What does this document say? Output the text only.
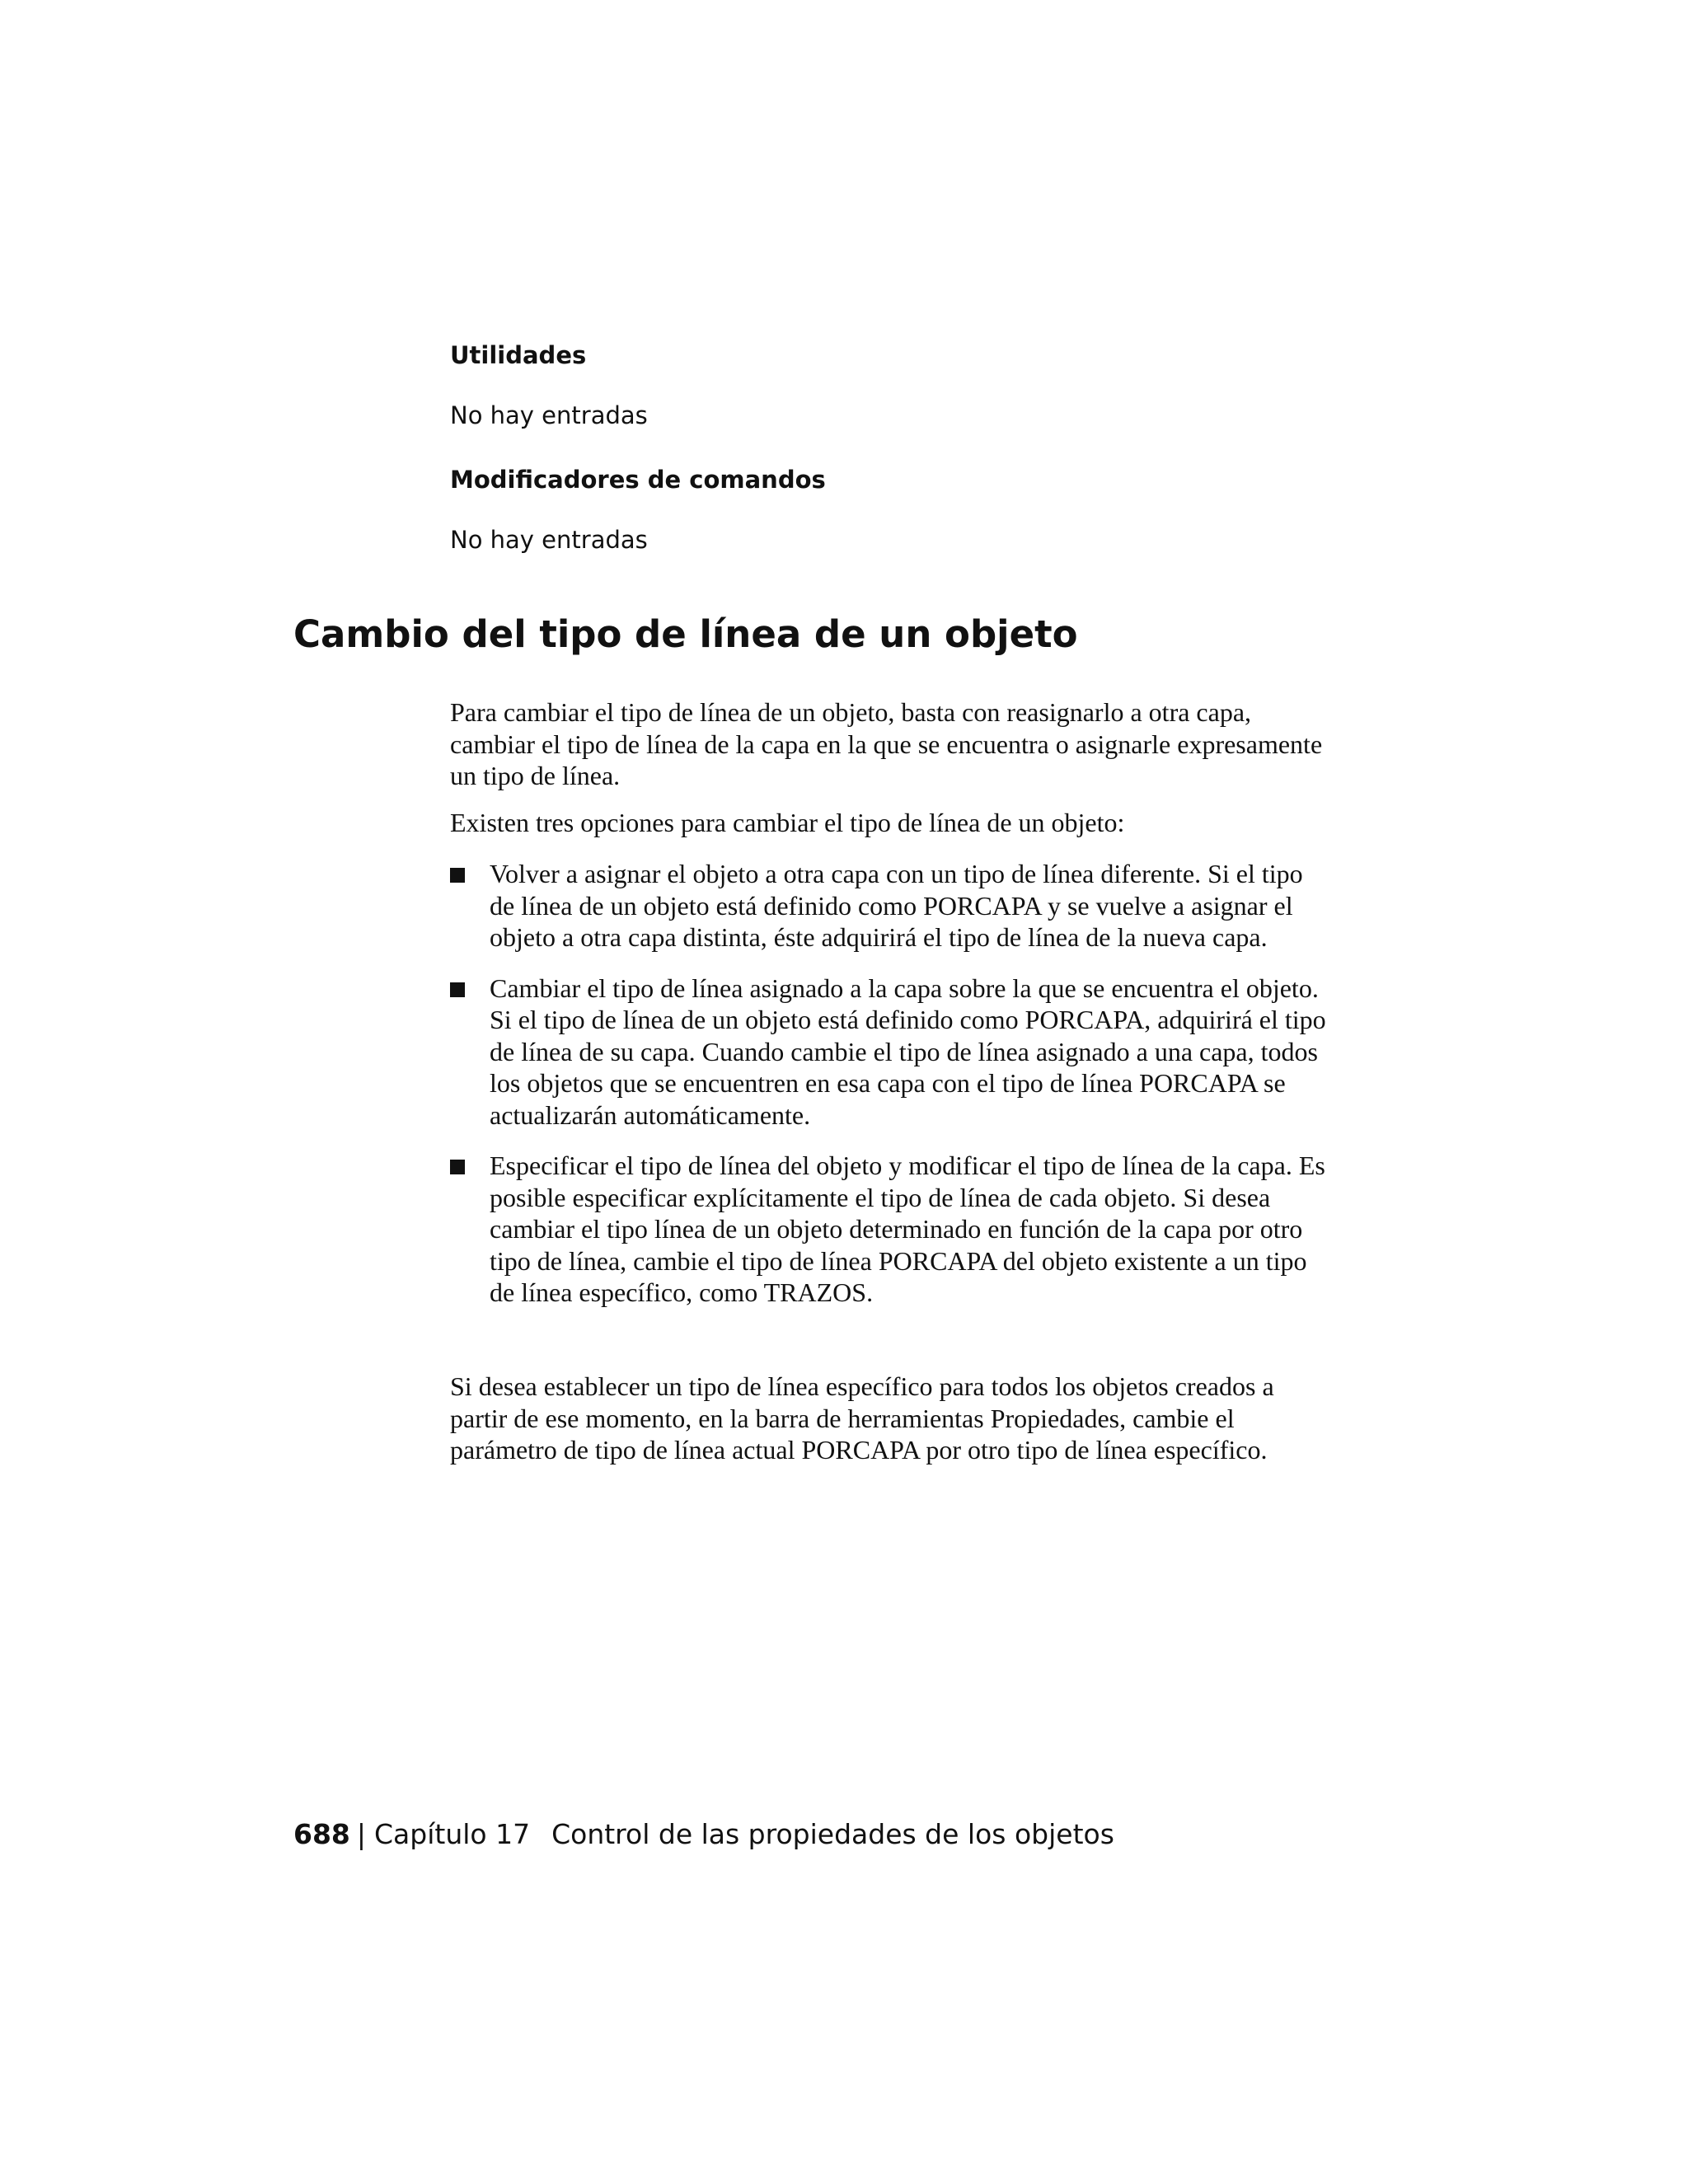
Utilidades

No hay entradas

Modificadores de comandos

No hay entradas

Cambio del tipo de línea de un objeto

Para cambiar el tipo de línea de un objeto, basta con reasignarlo a otra capa, cambiar el tipo de línea de la capa en la que se encuentra o asignarle expresamente un tipo de línea.

Existen tres opciones para cambiar el tipo de línea de un objeto:

Volver a asignar el objeto a otra capa con un tipo de línea diferente. Si el tipo de línea de un objeto está definido como PORCAPA y se vuelve a asignar el objeto a otra capa distinta, éste adquirirá el tipo de línea de la nueva capa.
Cambiar el tipo de línea asignado a la capa sobre la que se encuentra el objeto. Si el tipo de línea de un objeto está definido como PORCAPA, adquirirá el tipo de línea de su capa. Cuando cambie el tipo de línea asignado a una capa, todos los objetos que se encuentren en esa capa con el tipo de línea PORCAPA se actualizarán automáticamente.
Especificar el tipo de línea del objeto y modificar el tipo de línea de la capa. Es posible especificar explícitamente el tipo de línea de cada objeto. Si desea cambiar el tipo línea de un objeto determinado en función de la capa por otro tipo de línea, cambie el tipo de línea PORCAPA del objeto existente a un tipo de línea específico, como TRAZOS.

Si desea establecer un tipo de línea específico para todos los objetos creados a partir de ese momento, en la barra de herramientas Propiedades, cambie el parámetro de tipo de línea actual PORCAPA por otro tipo de línea específico.

688 | Capítulo 17 Control de las propiedades de los objetos
